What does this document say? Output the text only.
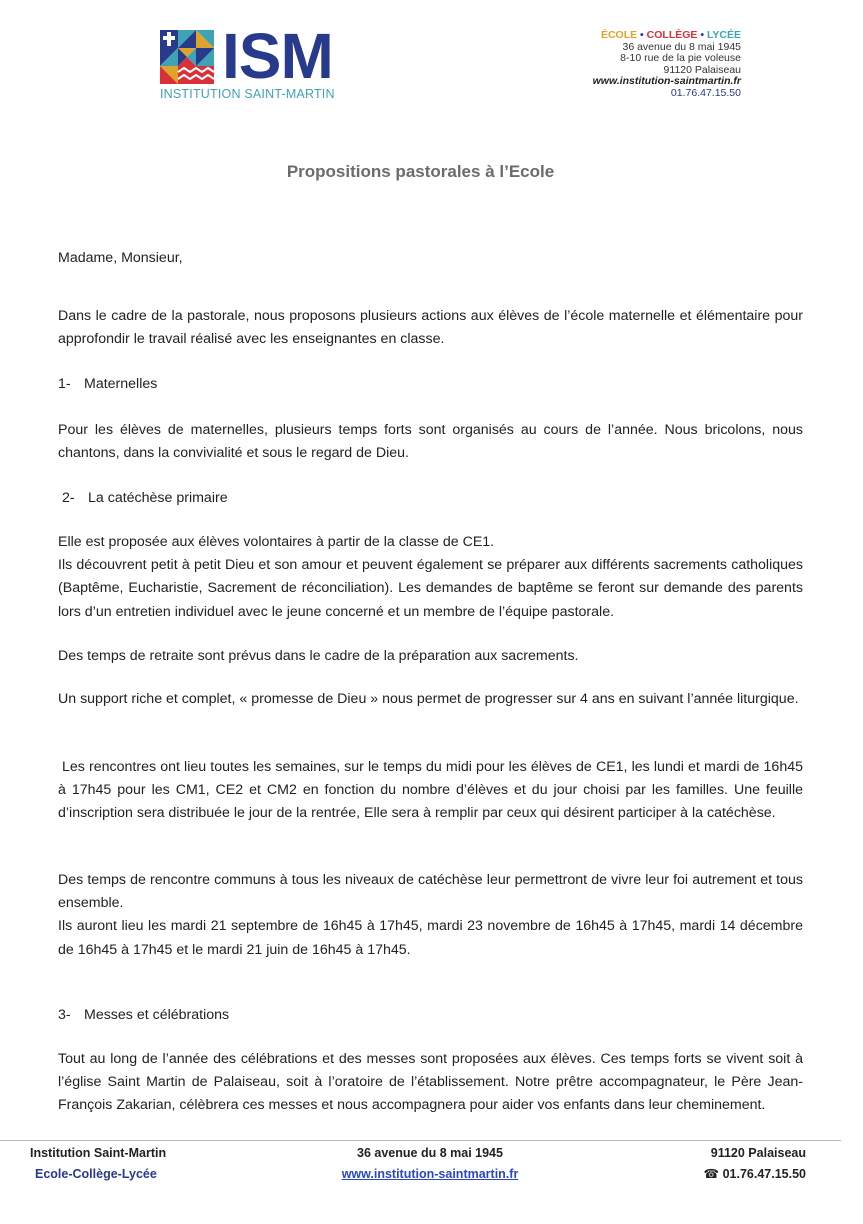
ISM
INSTITUTION SAINT-MARTIN
ÉCOLE • COLLÈGE • LYCÉE
36 avenue du 8 mai 1945
8-10 rue de la pie voleuse
91120 Palaiseau
www.institution-saintmartin.fr
01.76.47.15.50
Propositions pastorales à l’Ecole

Madame, Monsieur,

Dans le cadre de la pastorale, nous proposons plusieurs actions aux élèves de l’école maternelle et élémentaire pour approfondir le travail réalisé avec les enseignantes en classe.

1- Maternelles

Pour les élèves de maternelles, plusieurs temps forts sont organisés au cours de l’année. Nous bricolons, nous chantons, dans la convivialité et sous le regard de Dieu.

2- La catéchèse primaire

Elle est proposée aux élèves volontaires à partir de la classe de CE1.

Ils découvrent petit à petit Dieu et son amour et peuvent également se préparer aux différents sacrements catholiques (Baptême, Eucharistie, Sacrement de réconciliation). Les demandes de baptême se feront sur demande des parents lors d’un entretien individuel avec le jeune concerné et un membre de l’équipe pastorale.

Des temps de retraite sont prévus dans le cadre de la préparation aux sacrements.

Un support riche et complet, « promesse de Dieu » nous permet de progresser sur 4 ans en suivant l’année liturgique.

Les rencontres ont lieu toutes les semaines, sur le temps du midi pour les élèves de CE1, les lundi et mardi de 16h45 à 17h45 pour les CM1, CE2 et CM2 en fonction du nombre d’élèves et du jour choisi par les familles. Une feuille d’inscription sera distribuée le jour de la rentrée, Elle sera à remplir par ceux qui désirent participer à la catéchèse.

Des temps de rencontre communs à tous les niveaux de catéchèse leur permettront de vivre leur foi autrement et tous ensemble.

Ils auront lieu les mardi 21 septembre de 16h45 à 17h45, mardi 23 novembre de 16h45 à 17h45, mardi 14 décembre de 16h45 à 17h45 et le mardi 21 juin de 16h45 à 17h45.

3- Messes et célébrations

Tout au long de l’année des célébrations et des messes sont proposées aux élèves. Ces temps forts se vivent soit à l’église Saint Martin de Palaiseau, soit à l’oratoire de l’établissement. Notre prêtre accompagnateur, le Père Jean-François Zakarian, célèbrera ces messes et nous accompagnera pour aider vos enfants dans leur cheminement.

Institution Saint-Martin
Ecole-Collège-Lycée
36 avenue du 8 mai 1945
www.institution-saintmartin.fr
91120 Palaiseau
☎ 01.76.47.15.50
